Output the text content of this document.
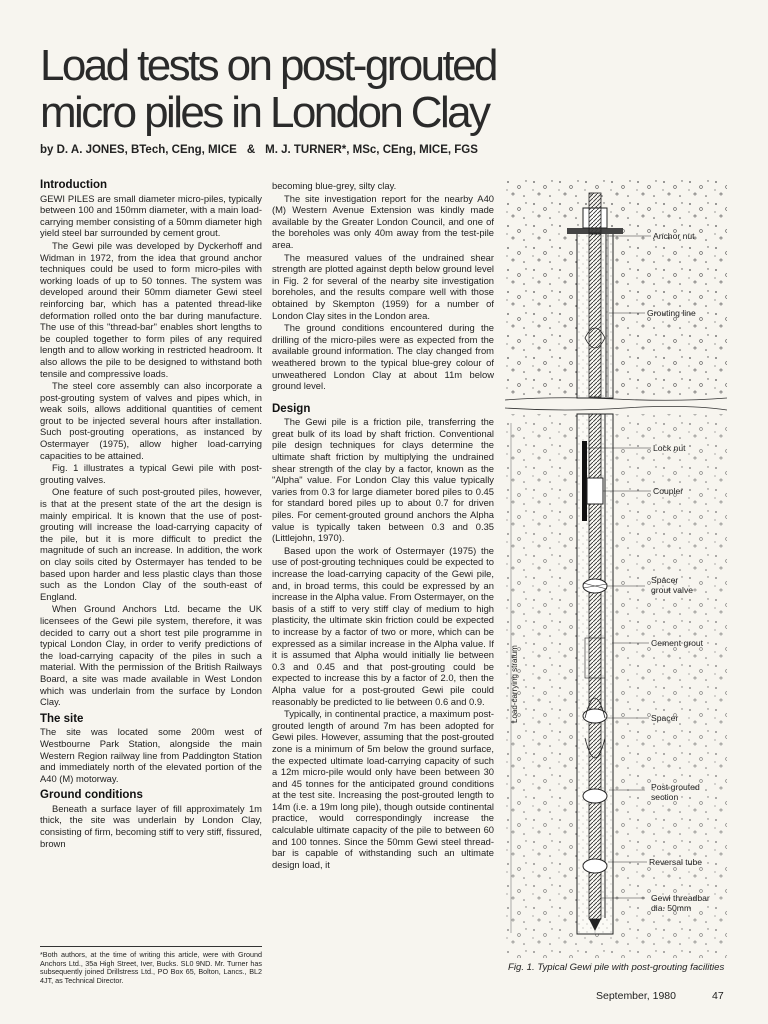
Load tests on post-grouted
micro piles in London Clay
by D. A. JONES, BTech, CEng, MICE & M. J. TURNER*, MSc, CEng, MICE, FGS
Introduction

GEWI PILES are small diameter micro-piles, typically between 100 and 150mm diameter, with a main load-carrying member consisting of a 50mm diameter high yield steel bar surrounded by cement grout.

The Gewi pile was developed by Dyckerhoff and Widman in 1972, from the idea that ground anchor techniques could be used to form micro-piles with working loads of up to 50 tonnes. The system was developed around their 50mm diameter Gewi steel reinforcing bar, which has a patented thread-like deformation rolled onto the bar during manufacture. The use of this "thread-bar" enables short lengths to be coupled together to form piles of any required length and to allow working in restricted headroom. It also allows the pile to be designed to withstand both tensile and compressive loads.

The steel core assembly can also incorporate a post-grouting system of valves and pipes which, in weak soils, allows additional quantities of cement grout to be injected several hours after installation. Such post-grouting operations, as instanced by Ostermayer (1975), allow higher load-carrying capacities to be attained.

Fig. 1 illustrates a typical Gewi pile with post-grouting valves.

One feature of such post-grouted piles, however, is that at the present state of the art the design is mainly empirical. It is known that the use of post-grouting will increase the load-carrying capacity of the pile, but it is more difficult to predict the magnitude of such an increase. In addition, the work on clay soils cited by Ostermayer has tended to be based upon harder and less plastic clays than those such as the London Clay of the south-east of England.

When Ground Anchors Ltd. became the UK licensees of the Gewi pile system, therefore, it was decided to carry out a short test pile programme in typical London Clay, in order to verify predictions of the load-carrying capacity of the piles in such a material. With the permission of the British Railways Board, a site was made available in West London which was underlain from the surface by London Clay.

The site

The site was located some 200m west of Westbourne Park Station, alongside the main Western Region railway line from Paddington Station and immediately north of the elevated portion of the A40 (M) motorway.

Ground conditions

Beneath a surface layer of fill approximately 1m thick, the site was underlain by London Clay, consisting of firm, becoming stiff to very stiff, fissured, brown

*Both authors, at the time of writing this article, were with Ground Anchors Ltd., 35a High Street, Iver, Bucks. SL0 9ND. Mr. Turner has subsequently joined Drillstress Ltd., PO Box 65, Bolton, Lancs., BL2 4JT, as Technical Director.

becoming blue-grey, silty clay.

The site investigation report for the nearby A40 (M) Western Avenue Extension was kindly made available by the Greater London Council, and one of the boreholes was only 40m away from the test-pile area.

The measured values of the undrained shear strength are plotted against depth below ground level in Fig. 2 for several of the nearby site investigation boreholes, and the results compare well with those obtained by Skempton (1959) for a number of London Clay sites in the London area.

The ground conditions encountered during the drilling of the micro-piles were as expected from the available ground information. The clay changed from weathered brown to the typical blue-grey colour of unweathered London Clay at about 11m below ground level.

Design

The Gewi pile is a friction pile, transferring the great bulk of its load by shaft friction. Conventional pile design techniques for clays determine the ultimate shaft friction by multiplying the undrained shear strength of the clay by a factor, known as the "Alpha" value. For London Clay this value typically varies from 0.3 for large diameter bored piles to 0.45 for standard bored piles up to about 0.7 for driven piles. For cement-grouted ground anchors the Alpha value is typically taken between 0.3 and 0.35 (Littlejohn, 1970).

Based upon the work of Ostermayer (1975) the use of post-grouting techniques could be expected to increase the load-carrying capacity of the Gewi pile, and, in broad terms, this could be expressed by an increase in the Alpha value. From Ostermayer, on the basis of a stiff to very stiff clay of medium to high plasticity, the ultimate skin friction could be expected to increase by a factor of two or more, which can be expressed as a similar increase in the Alpha value. If it is assumed that Alpha would initially lie between 0.3 and 0.45 and that post-grouting could be expected to increase this by a factor of 2.0, then the Alpha value for a post-grouted Gewi pile could reasonably be predicted to lie between 0.6 and 0.9.

Typically, in continental practice, a maximum post-grouted length of around 7m has been adopted for Gewi piles. However, assuming that the post-grouted zone is a minimum of 5m below the ground surface, the expected ultimate load-carrying capacity of such a 12m micro-pile would only have been between 30 and 45 tonnes for the anticipated ground conditions at the test site. Increasing the post-grouted length to 14m (i.e. a 19m long pile), though outside continental practice, would correspondingly increase the calculable ultimate capacity of the pile to between 60 and 100 tonnes. Since the 50mm Gewi steel thread-bar is capable of withstanding such an ultimate design load, it

Anchor nut
Grouting line
Lock nut
Coupler
Spacer
grout valve
Cement grout
Spacer
Post grouted
section
Reversal tube
Gewi threadbar
dia. 50mm
Load-carrying stratum
Fig. 1. Typical Gewi pile with post-grouting facilities
September, 1980	47
